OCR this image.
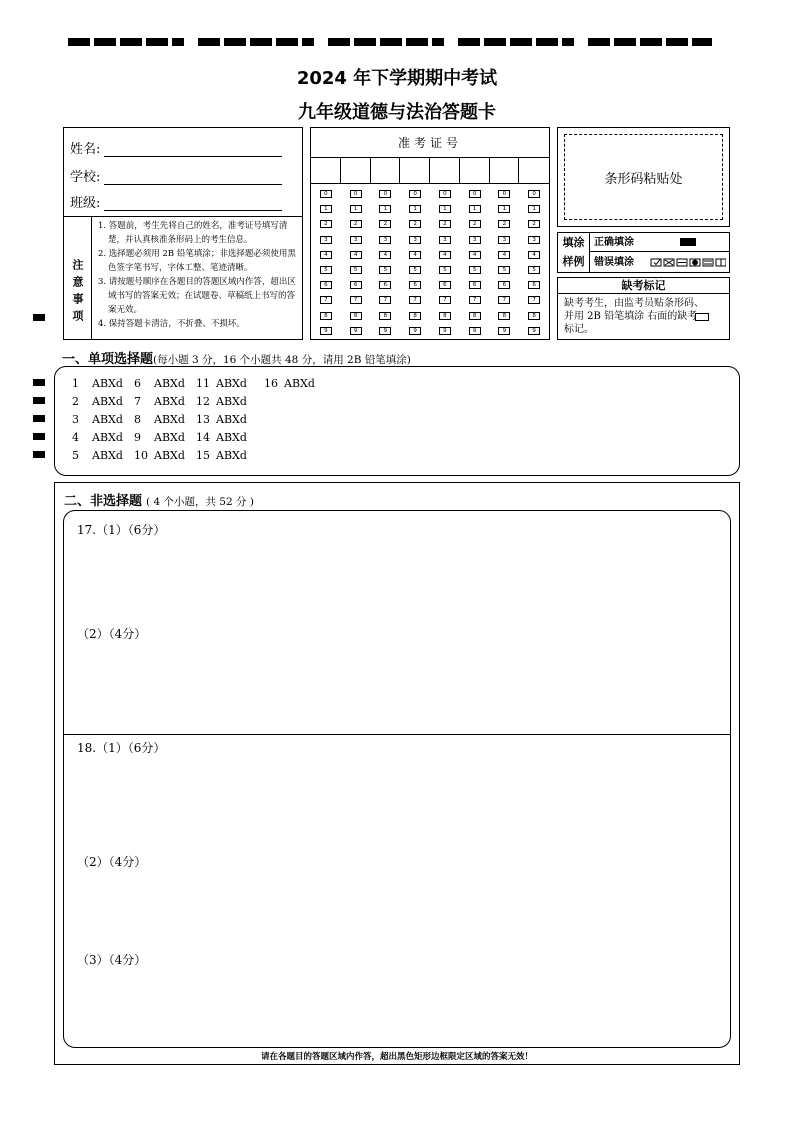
2024 年下学期期中考试
九年级道德与法治答题卡
姓名:
学校:
班级:
注意事项
1. 答题前，考生先将自己的姓名，准考证号填写清楚，并认真核准条形码上的考生信息。
2. 选择题必须用 2B 铅笔填涂；非选择题必须使用黑色签字笔书写，字体工整、笔迹清晰。
3. 请按题号顺序在各题目的答题区域内作答，超出区域书写的答案无效；在试题卷、草稿纸上书写的答案无效。
4. 保持答题卡清洁，不折叠、不损坏。
准考证号
0
1
2
3
4
5
6
7
8
9
0
1
2
3
4
5
6
7
8
9
0
1
2
3
4
5
6
7
8
9
0
1
2
3
4
5
6
7
8
9
0
1
2
3
4
5
6
7
8
9
0
1
2
3
4
5
6
7
8
9
0
1
2
3
4
5
6
7
8
9
0
1
2
3
4
5
6
7
8
9
条形码粘贴处
填涂
样例
正确填涂
错误填涂
缺考标记
缺考考生，由监考员贴条形码、并用 2B 铅笔填涂 右面的缺考标记。
一、单项选择题(每小题 3 分，16 个小题共 48 分，请用 2B 铅笔填涂)
1 ABXd 6 ABXd 11 ABXd 16 ABXd
2 ABXd 7 ABXd 12 ABXd
3 ABXd 8 ABXd 13 ABXd
4 ABXd 9 ABXd 14 ABXd
5 ABXd 10 ABXd 15 ABXd
二、非选择题 ( 4 个小题，共 52 分 )
17.（1）（6分）
（2）（4分）
18.（1）（6分）
（2）（4分）
（3）（4分）
请在各题目的答题区域内作答，超出黑色矩形边框限定区域的答案无效！
